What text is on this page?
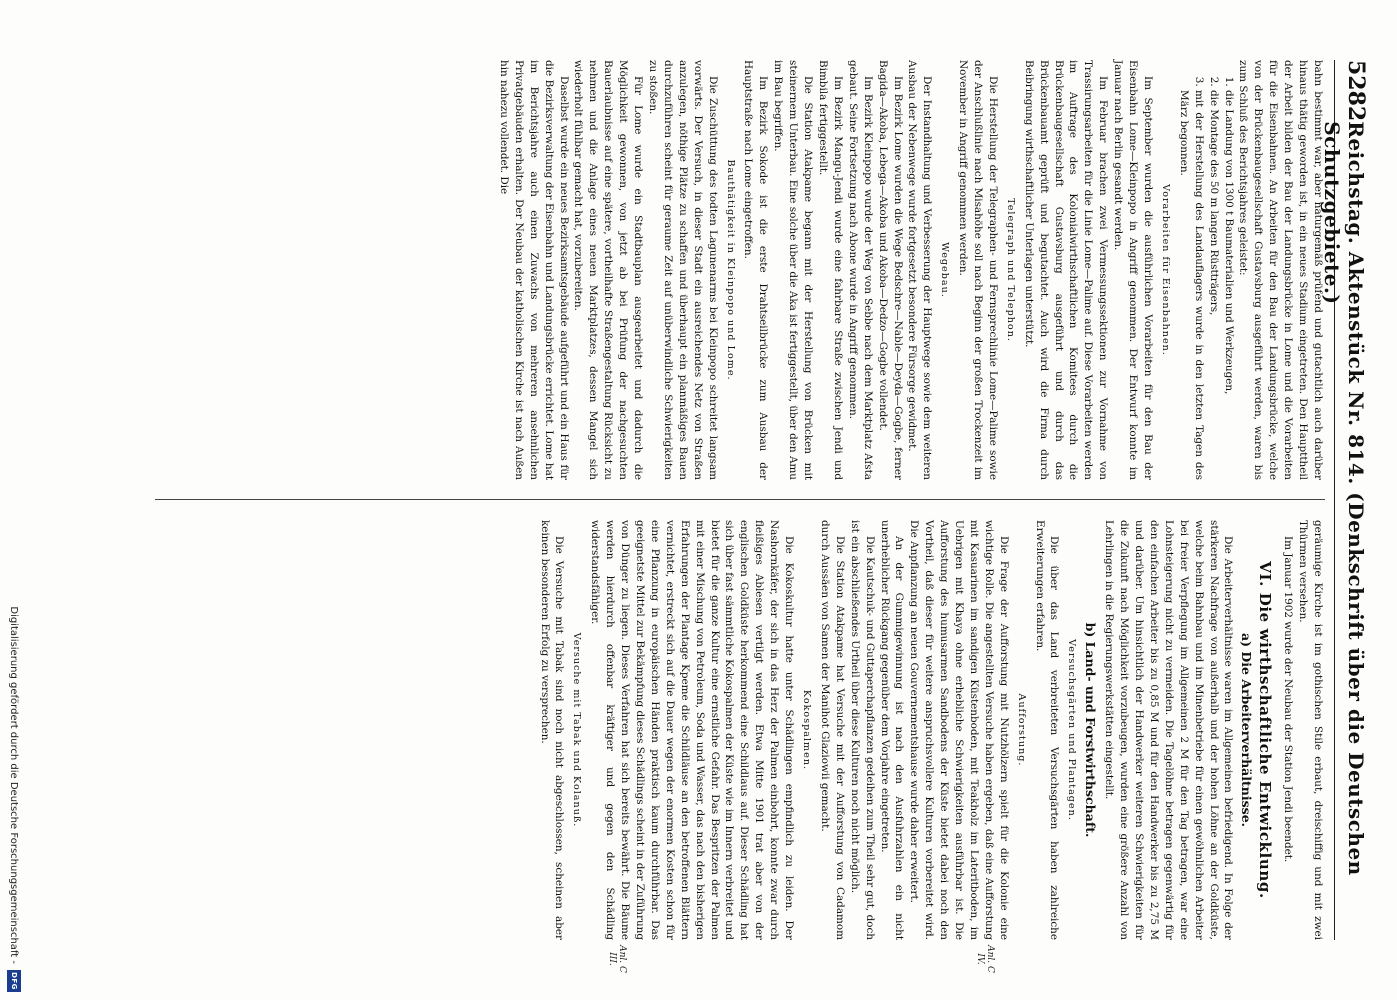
5282
Reichstag. Aktenstück Nr. 814. (Denkschrift über die Deutschen Schutzgebiete.)

bahn bestimmt war, aber naturgemäß prüfend und gutachtlich auch darüber hinaus thätig geworden ist, in ein neues Stadium eingetreten. Den Haupttheil der Arbeit bilden der Bau der Landungsbrücke in Lome und die Vorarbeiten für die Eisenbahnen. An Arbeiten für den Bau der Landungsbrücke, welche von der Brückenbaugesellschaft Gustavsburg ausgeführt werden, waren bis zum Schluß des Berichtsjahres geleistet:

1. die Landung von 1300 t Baumaterialien und Werkzeugen,
2. die Montage des 50 m langen Rüstträgers,
3. mit der Herstellung des Landauflagers wurde in den letzten Tagen des März begonnen.
Vorarbeiten für Eisenbahnen.

Im September wurden die ausführlichen Vorarbeiten für den Bau der Eisenbahn Lome—Kleinpopo in Angriff genommen. Der Entwurf konnte im Januar nach Berlin gesandt werden.

Im Februar brachen zwei Vermessungssektionen zur Vornahme von Trassirungsarbeiten für die Linie Lome—Palime auf. Diese Vorarbeiten werden im Auftrage des Kolonialwirthschaftlichen Komitees durch die Brückenbaugesellschaft Gustavsburg ausgeführt und durch das Brückenbauamt geprüft und begutachtet. Auch wird die Firma durch Beibringung wirthschaftlicher Unterlagen unterstützt.

Telegraph und Telephon.

Die Herstellung der Telegraphen- und Fernsprechlinie Lome—Palime sowie der Anschlußlinie nach Misahöhe soll nach Beginn der großen Trockenzeit im November in Angriff genommen werden.

Wegebau.

Der Instandhaltung und Verbesserung der Hauptwege sowie dem weiteren Ausbau der Nebenwege wurde fortgesetzt besondere Fürsorge gewidmet.

Im Bezirk Lome wurden die Wege Bedschre—Nable—Deyda—Gogbe, ferner Bagida—Akoba, Lebega—Akoba und Akoba—Dedzo—Gogbe vollendet.

Im Bezirk Kleinpopo wurde der Weg von Sebbe nach dem Marktplatz Afsta gebaut. Seine Fortsetzung nach Abone wurde in Angriff genommen.

Im Bezirk Mangu-Jendi wurde eine fahrbare Straße zwischen Jendi und Bimbila fertiggestellt.

Die Station Atakpame begann mit der Herstellung von Brücken mit steinernem Unterbau. Eine solche über die Aka ist fertiggestellt, über den Amu im Bau begriffen.

Im Bezirk Sokode ist die erste Drahtseilbrücke zum Ausbau der Hauptstraße nach Lome eingetroffen.

Bauthätigkeit in Kleinpopo und Lome.

Die Zuschüttung des todten Lagunenarms bei Kleinpopo schreitet langsam vorwärts. Der Versuch, in dieser Stadt ein ausreichendes Netz von Straßen anzulegen, nöthige Plätze zu schaffen und überhaupt ein planmäßiges Bauen durchzuführen scheint für geraume Zeit auf unüberwindliche Schwierigkeiten zu stoßen.

Für Lome wurde ein Stadtbauplan ausgearbeitet und dadurch die Möglichkeit gewonnen, von jetzt ab bei Prüfung der nachgesuchten Bauerlaubnisse auf eine spätere, vortheilhafte Straßengestaltung Rücksicht zu nehmen und die Anlage eines neuen Marktplatzes, dessen Mangel sich wiederholt fühlbar gemacht hat, vorzubereiten.

Daselbst wurde ein neues Bezirksamtsgebäude aufgeführt und ein Haus für die Bezirksverwaltung der Eisenbahn und Landungsbrücke errichtet. Lome hat im Berichtsjahre auch einen Zuwachs von mehreren ansehnlichen Privatgebäuden erhalten. Der Neubau der katholischen Kirche ist nach Außen hin nahezu vollendet. Die

geräumige Kirche ist im gothischen Stile erbaut, dreischiffig und mit zwei Thürmen versehen.

Im Januar 1902 wurde der Neubau der Station Jendi beendet.

VI. Die wirthschaftliche Entwicklung.
a) Die Arbeiterverhältnisse.

Die Arbeiterverhältnisse waren im Allgemeinen befriedigend. In Folge der stärkeren Nachfrage von außerhalb und der hohen Löhne an der Goldküste, welche beim Bahnbau und im Minenbetriebe für einen gewöhnlichen Arbeiter bei freier Verpflegung im Allgemeinen 2 M für den Tag betragen, war eine Lohnsteigerung nicht zu vermeiden. Die Tagelöhne betragen gegenwärtig für den einfachen Arbeiter bis zu 0,85 M und für den Handwerker bis zu 2,75 M und darüber. Um hinsichtlich der Handwerker weiteren Schwierigkeiten für die Zukunft nach Möglichkeit vorzubeugen, wurden eine größere Anzahl von Lehrlingen in die Regierungswerkstätten eingestellt.

b) Land- und Forstwirthschaft.
Versuchsgärten und Plantagen.

Die über das Land verbreiteten Versuchsgärten haben zahlreiche Erweiterungen erfahren.

Aufforstung.

Die Frage der Aufforstung mit Nutzhölzern spielt für die Kolonie eine wichtige Rolle. Die angestellten Versuche haben ergeben, daß eine Aufforstung mit Kasuarinen im sandigen Küstenboden, mit Teakholz im Lateritboden, im Uebrigen mit Khaya ohne erhebliche Schwierigkeiten ausführbar ist. Die Aufforstung des humusarmen Sandbodens der Küste bietet dabei noch den Vortheil, daß dieser für weitere anspruchsvollere Kulturen vorbereitet wird. Die Anpflanzung an neuen Gouvernementshause wurde daher erweitert.

An der Gummigewinnung ist nach den Ausfuhrzahlen ein nicht unerheblicher Rückgang gegenüber dem Vorjahre eingetreten.

Die Kautschuk- und Guttaperchapflanzen gedeihen zum Theil sehr gut, doch ist ein abschließendes Urtheil über diese Kulturen noch nicht möglich.

Die Station Atakpame hat Versuche mit der Aufforstung von Cadamom durch Aussäen von Samen der Manihot Glaziowii gemacht.

Kokospalmen.

Die Kokoskultur hatte unter Schädlingen empfindlich zu leiden. Der Nashornkäfer, der sich in das Herz der Palmen einbohrt, konnte zwar durch fleißiges Ablesen vertilgt werden. Etwa Mitte 1901 trat aber von der englischen Goldküste herkommend eine Schildlaus auf. Dieser Schädling hat sich über fast sämmtliche Kokospalmen der Küste wie im Innern verbreitet und bietet für die ganze Kultur eine ernstliche Gefahr. Das Bespritzen der Palmen mit einer Mischung von Petroleum, Soda und Wasser, das nach den bisherigen Erfahrungen der Plantage Kpeme die Schildläuse an den betroffenen Blättern vernichtet, erstreckt sich auf die Dauer wegen der enormen Kosten schon für eine Pflanzung in europäischen Händen praktisch kaum durchführbar. Das geeignetste Mittel zur Bekämpfung dieses Schädlings scheint in der Zuführung von Dünger zu liegen. Dieses Verfahren hat sich bereits bewährt. Die Bäume werden hierdurch offenbar kräftiger und gegen den Schädling widerstandsfähiger.

Versuche mit Tabak und Kolanuß.

Die Versuche mit Tabak sind noch nicht abgeschlossen, scheinen aber keinen besonderen Erfolg zu versprechen.

Anl. C IV.
Anl. C III.
Digitalisierung gefördert durch die Deutsche Forschungsgemeinschaft -
DFG
